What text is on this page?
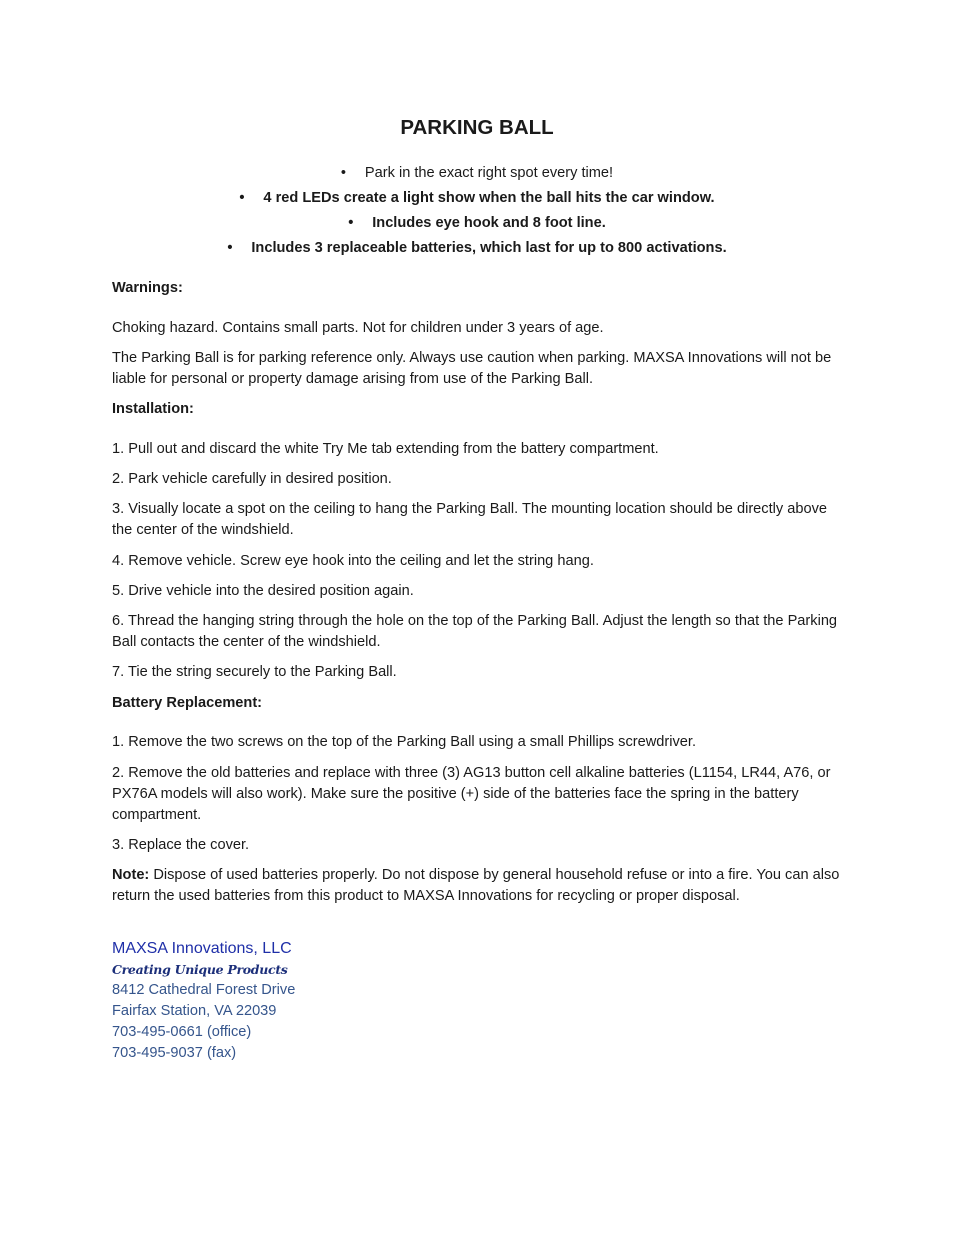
PARKING BALL
• Park in the exact right spot every time!
• 4 red LEDs create a light show when the ball hits the car window.
• Includes eye hook and 8 foot line.
• Includes 3 replaceable batteries, which last for up to 800 activations.

Warnings:

Choking hazard. Contains small parts. Not for children under 3 years of age.

The Parking Ball is for parking reference only. Always use caution when parking. MAXSA Innovations will not be liable for personal or property damage arising from use of the Parking Ball.

Installation:

1. Pull out and discard the white Try Me tab extending from the battery compartment.

2. Park vehicle carefully in desired position.

3. Visually locate a spot on the ceiling to hang the Parking Ball. The mounting location should be directly above the center of the windshield.

4. Remove vehicle. Screw eye hook into the ceiling and let the string hang.

5. Drive vehicle into the desired position again.

6. Thread the hanging string through the hole on the top of the Parking Ball. Adjust the length so that the Parking Ball contacts the center of the windshield.

7. Tie the string securely to the Parking Ball.

Battery Replacement:

1. Remove the two screws on the top of the Parking Ball using a small Phillips screwdriver.

2. Remove the old batteries and replace with three (3) AG13 button cell alkaline batteries (L1154, LR44, A76, or PX76A models will also work). Make sure the positive (+) side of the batteries face the spring in the battery compartment.

3. Replace the cover.

Note: Dispose of used batteries properly. Do not dispose by general household refuse or into a fire. You can also return the used batteries from this product to MAXSA Innovations for recycling or proper disposal.

MAXSA Innovations, LLC
Creating Unique Products
8412 Cathedral Forest Drive
Fairfax Station, VA 22039
703-495-0661 (office)
703-495-9037 (fax)
